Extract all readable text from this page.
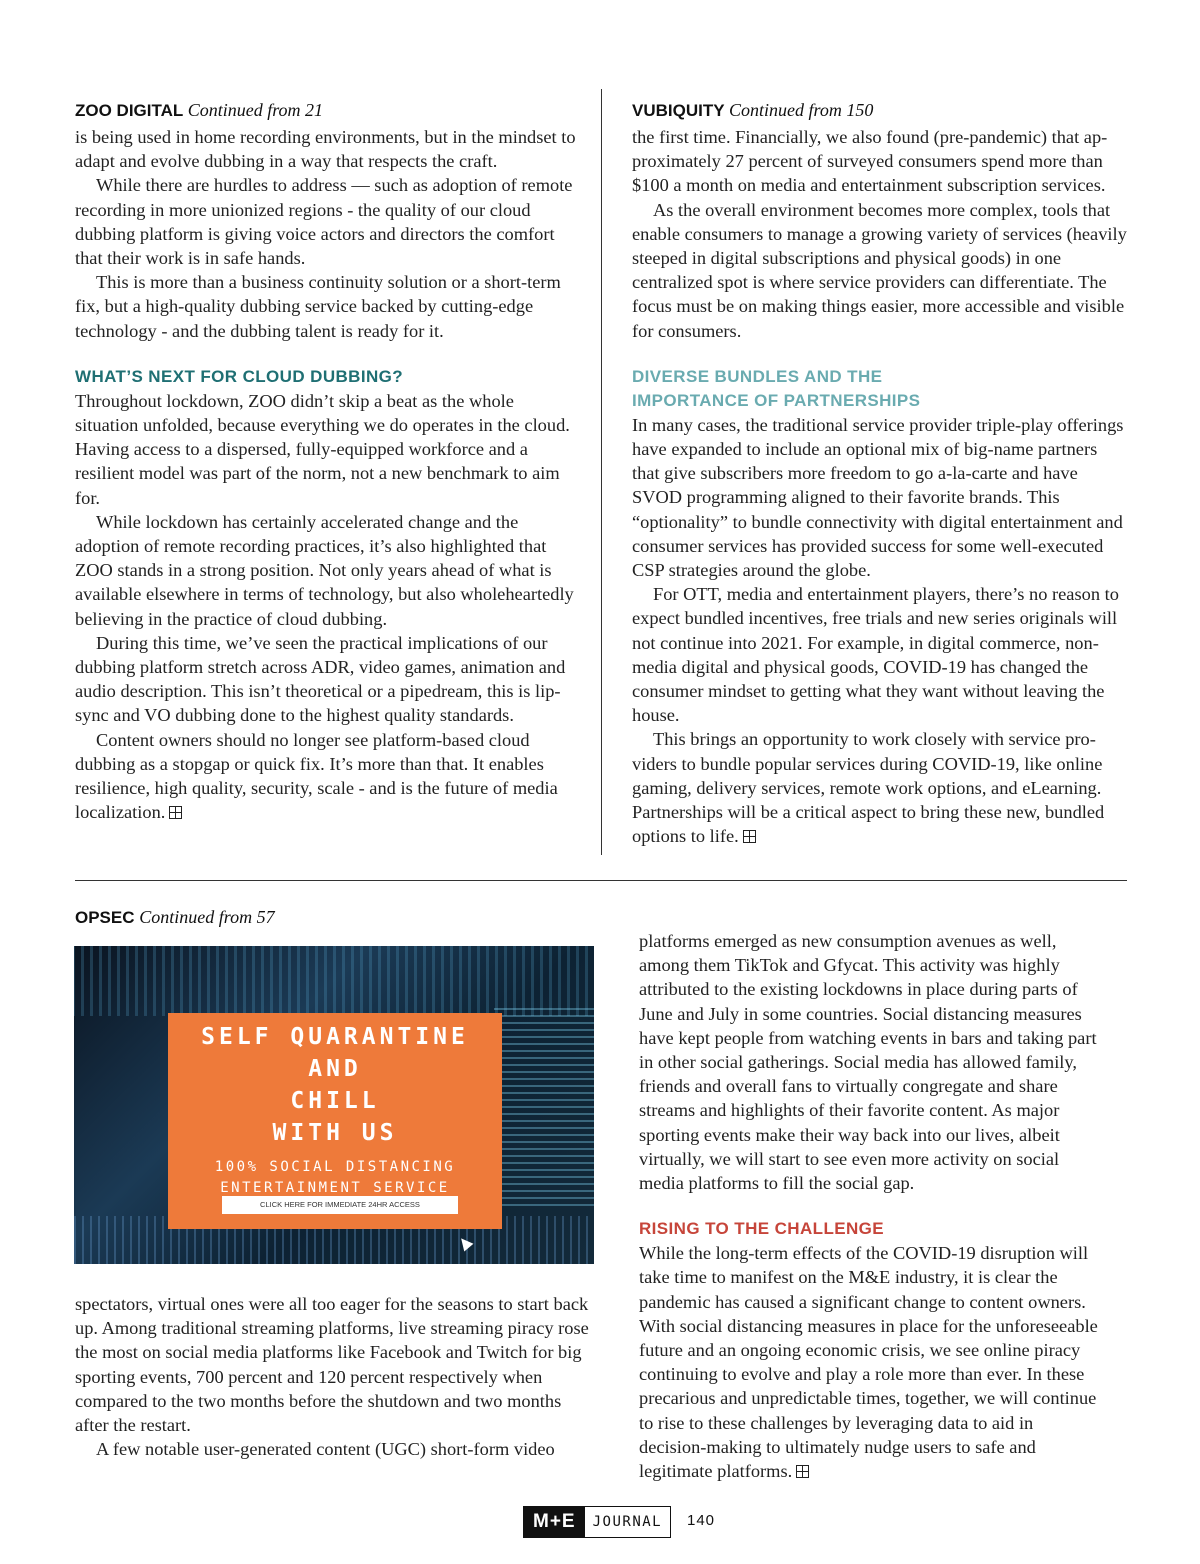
ZOO DIGITAL Continued from 21

is being used in home recording environments, but in the mindset to adapt and evolve dubbing in a way that respects the craft.

While there are hurdles to address — such as adoption of remote recording in more unionized regions - the quality of our cloud dubbing platform is giving voice actors and directors the comfort that their work is in safe hands.

This is more than a business continuity solution or a short-term fix, but a high-quality dubbing service backed by cutting-edge technology - and the dubbing talent is ready for it.

WHAT’S NEXT FOR CLOUD DUBBING?

Throughout lockdown, ZOO didn’t skip a beat as the whole situation unfolded, because everything we do operates in the cloud. Having access to a dispersed, fully-equipped workforce and a resilient model was part of the norm, not a new benchmark to aim for.

While lockdown has certainly accelerated change and the adoption of remote recording practices, it’s also highlighted that ZOO stands in a strong position. Not only years ahead of what is available elsewhere in terms of technology, but also wholeheartedly believing in the practice of cloud dubbing.

During this time, we’ve seen the practical implications of our dubbing platform stretch across ADR, video games, animation and audio description. This isn’t theoretical or a pipedream, this is lip-sync and VO dubbing done to the highest quality standards.

Content owners should no longer see platform-based cloud dubbing as a stopgap or quick fix. It’s more than that. It enables resilience, high quality, security, scale - and is the future of media localization.

VUBIQUITY Continued from 150

the first time. Financially, we also found (pre-pandemic) that approximately 27 percent of surveyed consumers spend more than $100 a month on media and entertainment subscription services.

As the overall environment becomes more complex, tools that enable consumers to manage a growing variety of services (heavily steeped in digital subscriptions and physical goods) in one centralized spot is where service providers can differentiate. The focus must be on making things easier, more accessible and visible for consumers.

DIVERSE BUNDLES AND THE
IMPORTANCE OF PARTNERSHIPS

In many cases, the traditional service provider triple-play offerings have expanded to include an optional mix of big-name partners that give subscribers more freedom to go a-la-carte and have SVOD programming aligned to their favorite brands. This “optionality” to bundle connectivity with digital entertainment and consumer services has provided success for some well-executed CSP strategies around the globe.

For OTT, media and entertainment players, there’s no reason to expect bundled incentives, free trials and new series originals will not continue into 2021. For example, in digital commerce, non-media digital and physical goods, COVID-19 has changed the consumer mindset to getting what they want without leaving the house.

This brings an opportunity to work closely with service providers to bundle popular services during COVID-19, like online gaming, delivery services, remote work options, and eLearning. Partnerships will be a critical aspect to bring these new, bundled options to life.

OPSEC Continued from 57
SELF QUARANTINE
AND
CHILL
WITH US
100% SOCIAL DISTANCING
ENTERTAINMENT SERVICE
CLICK HERE FOR IMMEDIATE 24HR ACCESS

spectators, virtual ones were all too eager for the seasons to start back up. Among traditional streaming platforms, live streaming piracy rose the most on social media platforms like Facebook and Twitch for big sporting events, 700 percent and 120 percent respectively when compared to the two months before the shutdown and two months after the restart.

A few notable user-generated content (UGC) short-form video

platforms emerged as new consumption avenues as well, among them TikTok and Gfycat. This activity was highly attributed to the existing lockdowns in place during parts of June and July in some countries. Social distancing measures have kept people from watching events in bars and taking part in other social gatherings. Social media has allowed family, friends and overall fans to virtually congregate and share streams and highlights of their favorite content. As major sporting events make their way back into our lives, albeit virtually, we will start to see even more activity on social media platforms to fill the social gap.

RISING TO THE CHALLENGE

While the long-term effects of the COVID-19 disruption will take time to manifest on the M&E industry, it is clear the pandemic has caused a significant change to content owners. With social distancing measures in place for the unforeseeable future and an ongoing economic crisis, we see online piracy continuing to evolve and play a role more than ever. In these precarious and unpredictable times, together, we will continue to rise to these challenges by leveraging data to aid in decision-making to ultimately nudge users to safe and legitimate platforms.

M+E	JOURNAL	140
